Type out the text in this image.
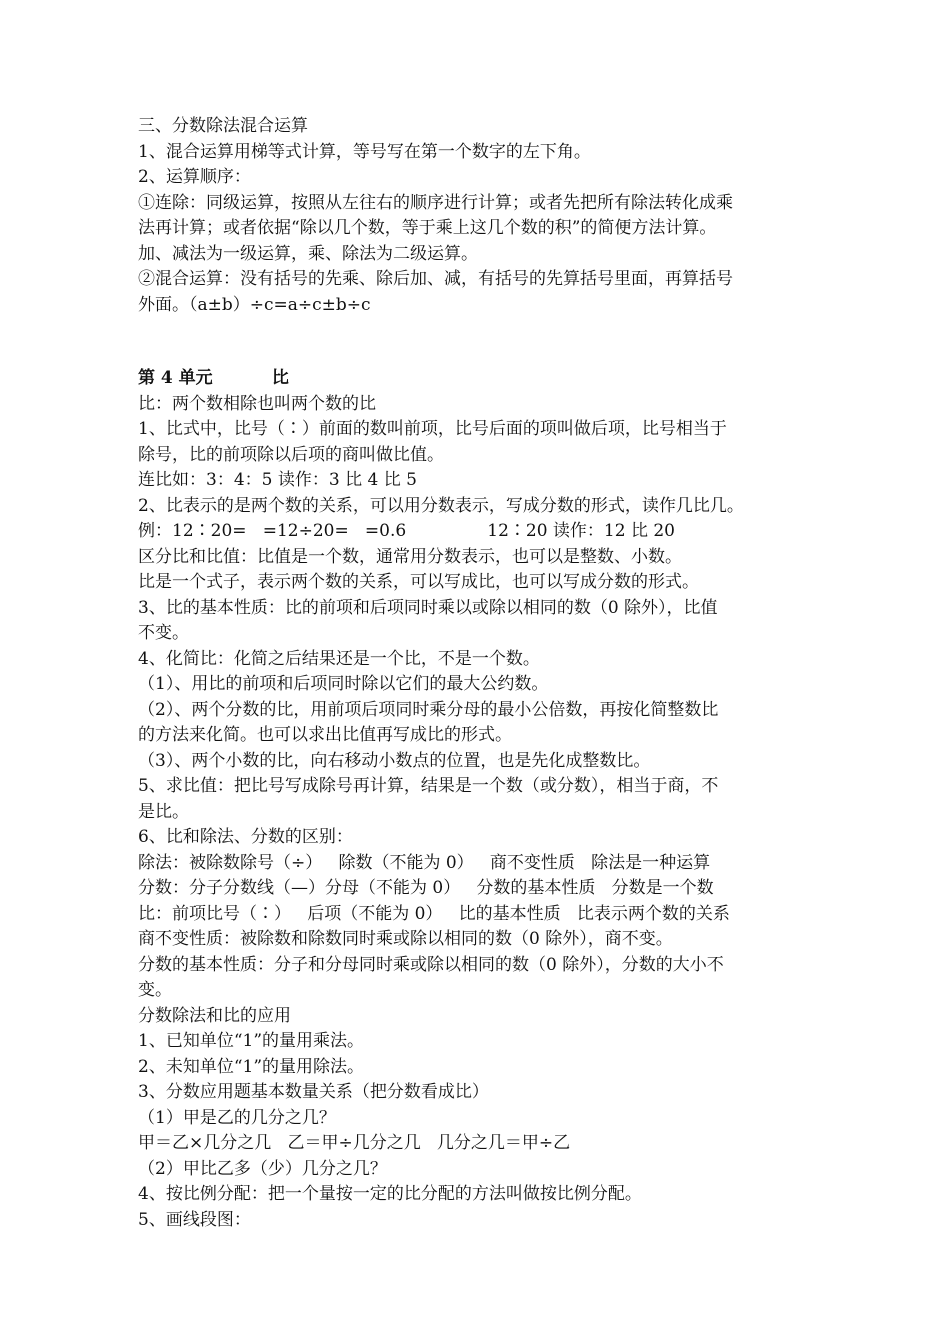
三、分数除法混合运算
1、混合运算用梯等式计算，等号写在第一个数字的左下角。
2、运算顺序：
①连除：同级运算，按照从左往右的顺序进行计算；或者先把所有除法转化成乘
法再计算；或者依据“除以几个数，等于乘上这几个数的积”的简便方法计算。
加、减法为一级运算，乘、除法为二级运算。
②混合运算：没有括号的先乘、除后加、减，有括号的先算括号里面，再算括号
外面。（a±b）÷c=a÷c±b÷c
第 4 单元          比
比：两个数相除也叫两个数的比
1、比式中，比号（∶）前面的数叫前项，比号后面的项叫做后项，比号相当于
除号，比的前项除以后项的商叫做比值。
连比如：3：4：5 读作：3 比 4 比 5
2、比表示的是两个数的关系，可以用分数表示，写成分数的形式，读作几比几。
例：12∶20=   =12÷20=   =0.6               12∶20 读作：12 比 20
区分比和比值：比值是一个数，通常用分数表示，也可以是整数、小数。
比是一个式子，表示两个数的关系，可以写成比，也可以写成分数的形式。
3、比的基本性质：比的前项和后项同时乘以或除以相同的数（0 除外），比值
不变。
4、化简比：化简之后结果还是一个比，不是一个数。
（1）、用比的前项和后项同时除以它们的最大公约数。
（2）、两个分数的比，用前项后项同时乘分母的最小公倍数，再按化简整数比
的方法来化简。也可以求出比值再写成比的形式。
（3）、两个小数的比，向右移动小数点的位置，也是先化成整数比。
5、求比值：把比号写成除号再计算，结果是一个数（或分数），相当于商，不
是比。
6、比和除法、分数的区别：
除法：被除数除号（÷）   除数（不能为 0）   商不变性质   除法是一种运算
分数：分子分数线（—）分母（不能为 0）   分数的基本性质   分数是一个数
比：前项比号（∶）   后项（不能为 0）   比的基本性质   比表示两个数的关系
商不变性质：被除数和除数同时乘或除以相同的数（0 除外），商不变。
分数的基本性质：分子和分母同时乘或除以相同的数（0 除外），分数的大小不
变。
分数除法和比的应用
1、已知单位“1”的量用乘法。
2、未知单位“1”的量用除法。
3、分数应用题基本数量关系（把分数看成比）
（1）甲是乙的几分之几？
甲＝乙×几分之几   乙＝甲÷几分之几   几分之几＝甲÷乙
（2）甲比乙多（少）几分之几？
4、按比例分配：把一个量按一定的比分配的方法叫做按比例分配。
5、画线段图：
